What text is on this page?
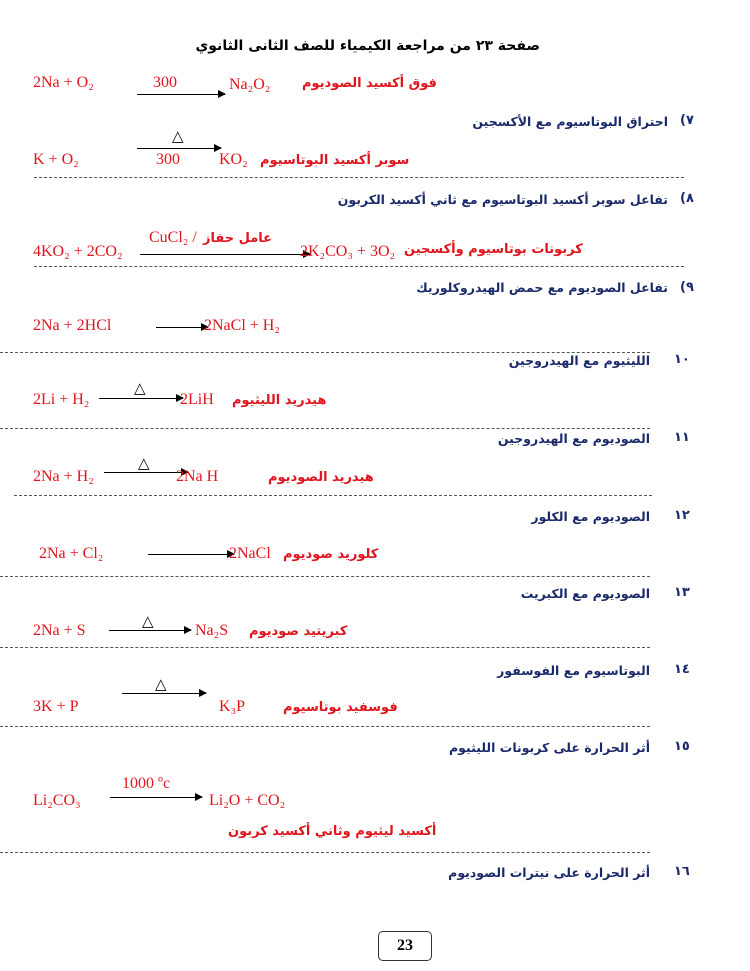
صفحة ٢٣ من مراجعة الكيمياء للصف الثانى الثانوي
2Na + O₂	300	Na₂O₂ فوق أكسيد الصوديوم
٧)
احتراق البوتاسيوم مع الأكسجين
△
K + O₂	300 KO₂ سوبر أكسيد البوتاسيوم
٨)
تفاعل سوبر أكسيد البوتاسيوم مع ثاني أكسيد الكربون
CuCl₂ / عامل حفاز
4KO₂ + 2CO₂	2K₂CO₃ + 3O₂ كربونات بوتاسيوم وأكسجين
٩)
تفاعل الصوديوم مع حمض الهيدروكلوريك
2Na + 2HCl	2NaCl + H₂
١٠
الليثيوم مع الهيدروجين
△
2Li + H₂	2LiH هيدريد الليثيوم
١١
الصوديوم مع الهيدروجين
△
2Na + H₂	2Na H	هيدريد الصوديوم
١٢
الصوديوم مع الكلور
2Na + Cl₂	2NaCl كلوريد صوديوم
١٣
الصوديوم مع الكبريت
△
2Na + S	Na₂S كبريتيد صوديوم
١٤
البوتاسيوم مع الفوسفور
△
3K + P	K₃P	فوسفيد بوتاسيوم
١٥
أثر الحرارة على كربونات الليثيوم
1000 ºc
Li₂CO₃	Li₂O + CO₂
أكسيد ليثيوم وثاني أكسيد كربون
١٦
أثر الحرارة على نيترات الصوديوم
23
